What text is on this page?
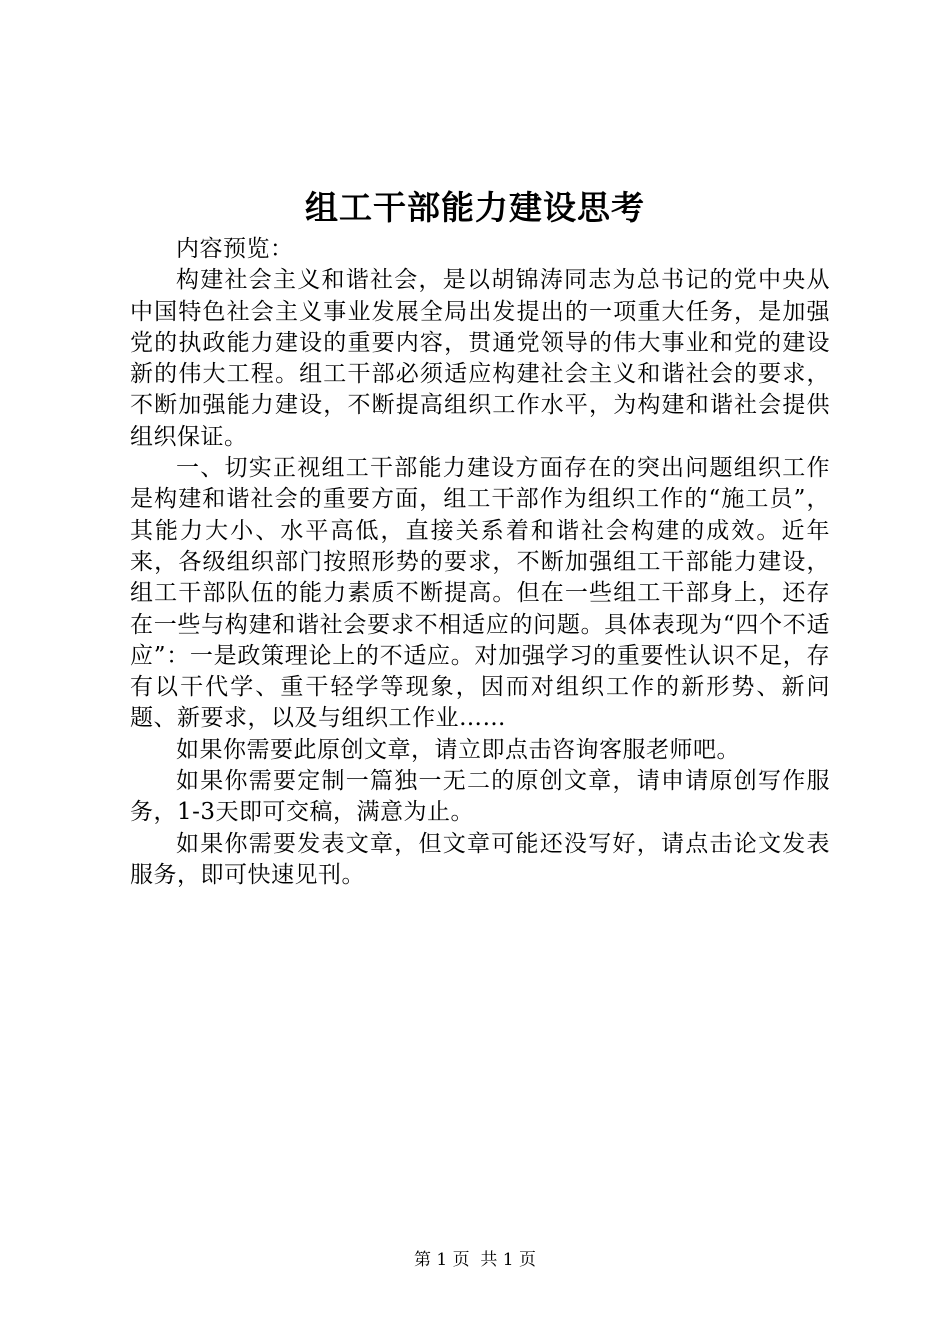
组工干部能力建设思考

内容预览：

构建社会主义和谐社会，是以胡锦涛同志为总书记的党中央从中国特色社会主义事业发展全局出发提出的一项重大任务，是加强党的执政能力建设的重要内容，贯通党领导的伟大事业和党的建设新的伟大工程。组工干部必须适应构建社会主义和谐社会的要求，不断加强能力建设，不断提高组织工作水平，为构建和谐社会提供组织保证。

一、切实正视组工干部能力建设方面存在的突出问题组织工作是构建和谐社会的重要方面，组工干部作为组织工作的“施工员”，其能力大小、水平高低，直接关系着和谐社会构建的成效。近年来，各级组织部门按照形势的要求，不断加强组工干部能力建设，组工干部队伍的能力素质不断提高。但在一些组工干部身上，还存在一些与构建和谐社会要求不相适应的问题。具体表现为“四个不适应”：一是政策理论上的不适应。对加强学习的重要性认识不足，存有以干代学、重干轻学等现象，因而对组织工作的新形势、新问题、新要求，以及与组织工作业……

如果你需要此原创文章，请立即点击咨询客服老师吧。

如果你需要定制一篇独一无二的原创文章，请申请原创写作服务，1-3天即可交稿，满意为止。

如果你需要发表文章，但文章可能还没写好，请点击论文发表服务，即可快速见刊。

第 1 页  共 1 页
